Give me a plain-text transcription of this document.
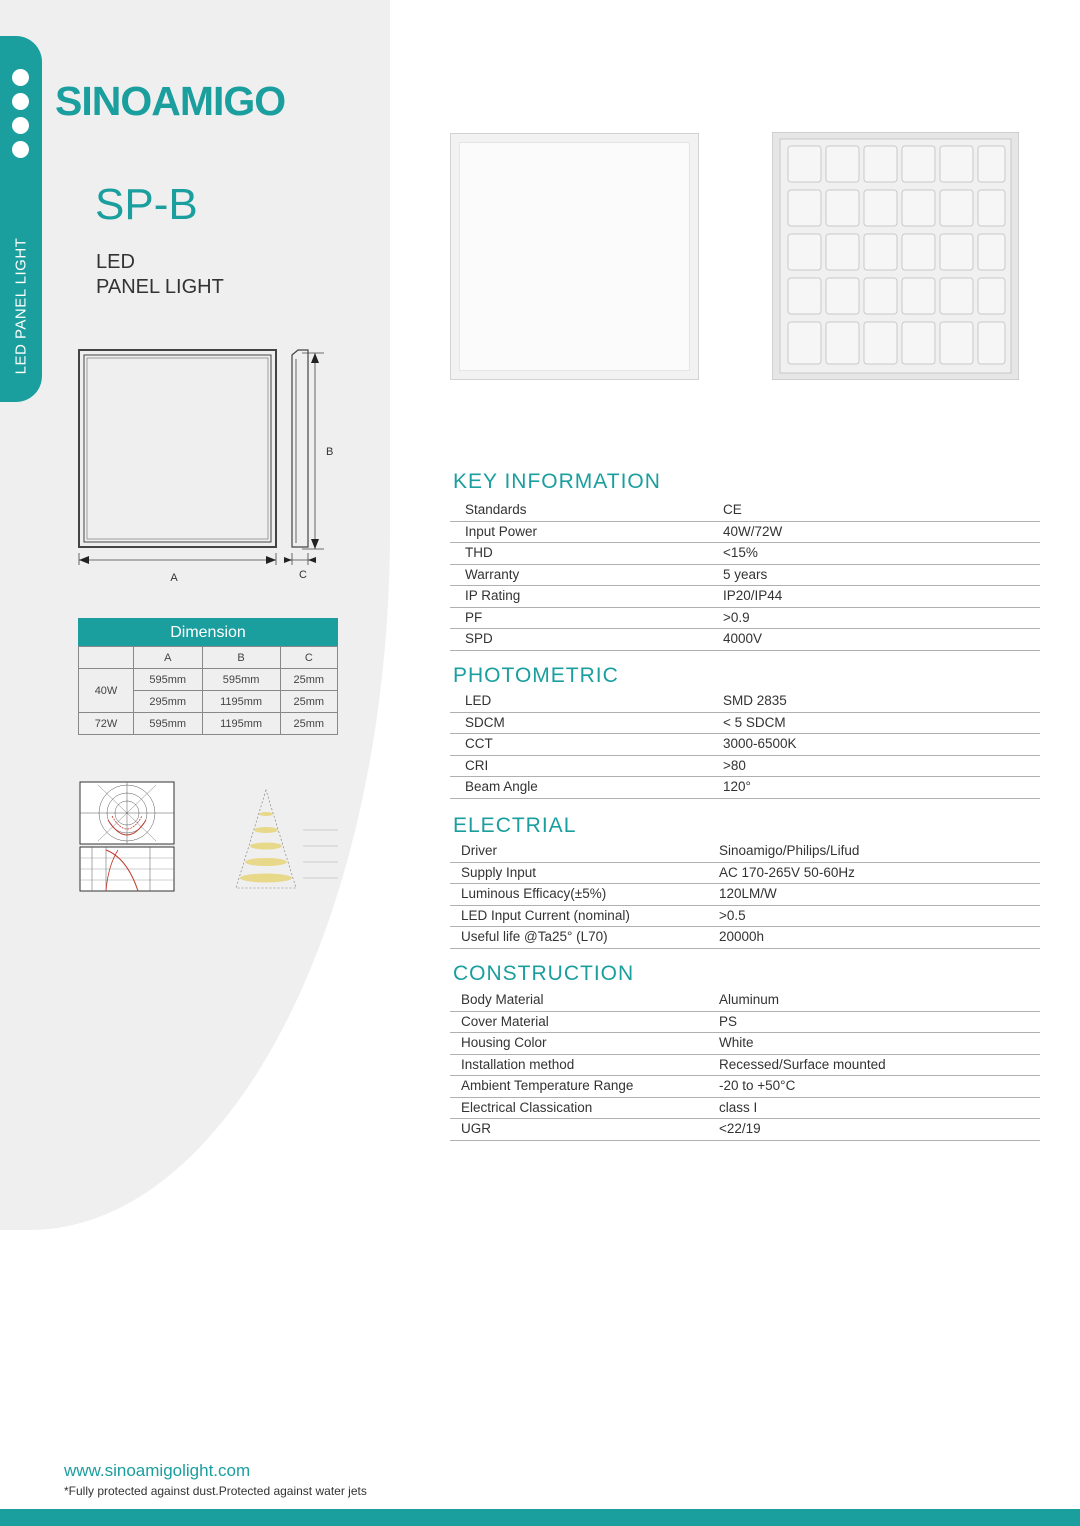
LED PANEL LIGHT
SINOAMIGO
SP-B
LED
PANEL LIGHT
A
B
C
Dimension
	A	B	C
40W	595mm	595mm	25mm
	295mm	1195mm	25mm
72W	595mm	1195mm	25mm
KEY INFORMATION
Standards	CE
Input Power	40W/72W
THD	<15%
Warranty	5 years
IP Rating	IP20/IP44
PF	>0.9
SPD	4000V
PHOTOMETRIC
LED	SMD 2835
SDCM	< 5 SDCM
CCT	3000-6500K
CRI	>80
Beam Angle	120°
ELECTRIAL
Driver	Sinoamigo/Philips/Lifud
Supply Input	AC 170-265V 50-60Hz
Luminous Efficacy(±5%)	120LM/W
LED Input Current (nominal)	>0.5
Useful life @Ta25° (L70)	20000h
CONSTRUCTION
Body Material	Aluminum
Cover Material	PS
Housing Color	White
Installation method	Recessed/Surface mounted
Ambient Temperature Range	-20 to +50°C
Electrical Classication	class I
UGR	<22/19
www.sinoamigolight.com
*Fully protected against dust.Protected against water jets
